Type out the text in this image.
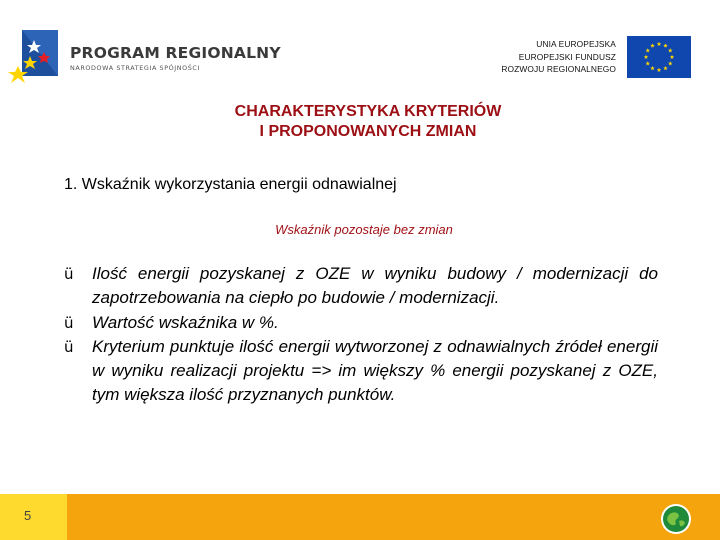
PROGRAM REGIONALNY
NARODOWA STRATEGIA SPÓJNOŚCI
UNIA EUROPEJSKA
EUROPEJSKI FUNDUSZ
ROZWOJU REGIONALNEGO
CHARAKTERYSTYKA KRYTERIÓW
I PROPONOWANYCH ZMIAN
1. Wskaźnik wykorzystania energii odnawialnej
Wskaźnik pozostaje bez zmian
ü Ilość energii pozyskanej z OZE w wyniku budowy / modernizacji do zapotrzebowania na ciepło po budowie / modernizacji.
ü Wartość wskaźnika w %.
ü Kryterium punktuje ilość energii wytworzonej z odnawialnych źródeł energii w wyniku realizacji projektu => im większy % energii pozyskanej z OZE, tym większa ilość przyznanych punktów.
5
